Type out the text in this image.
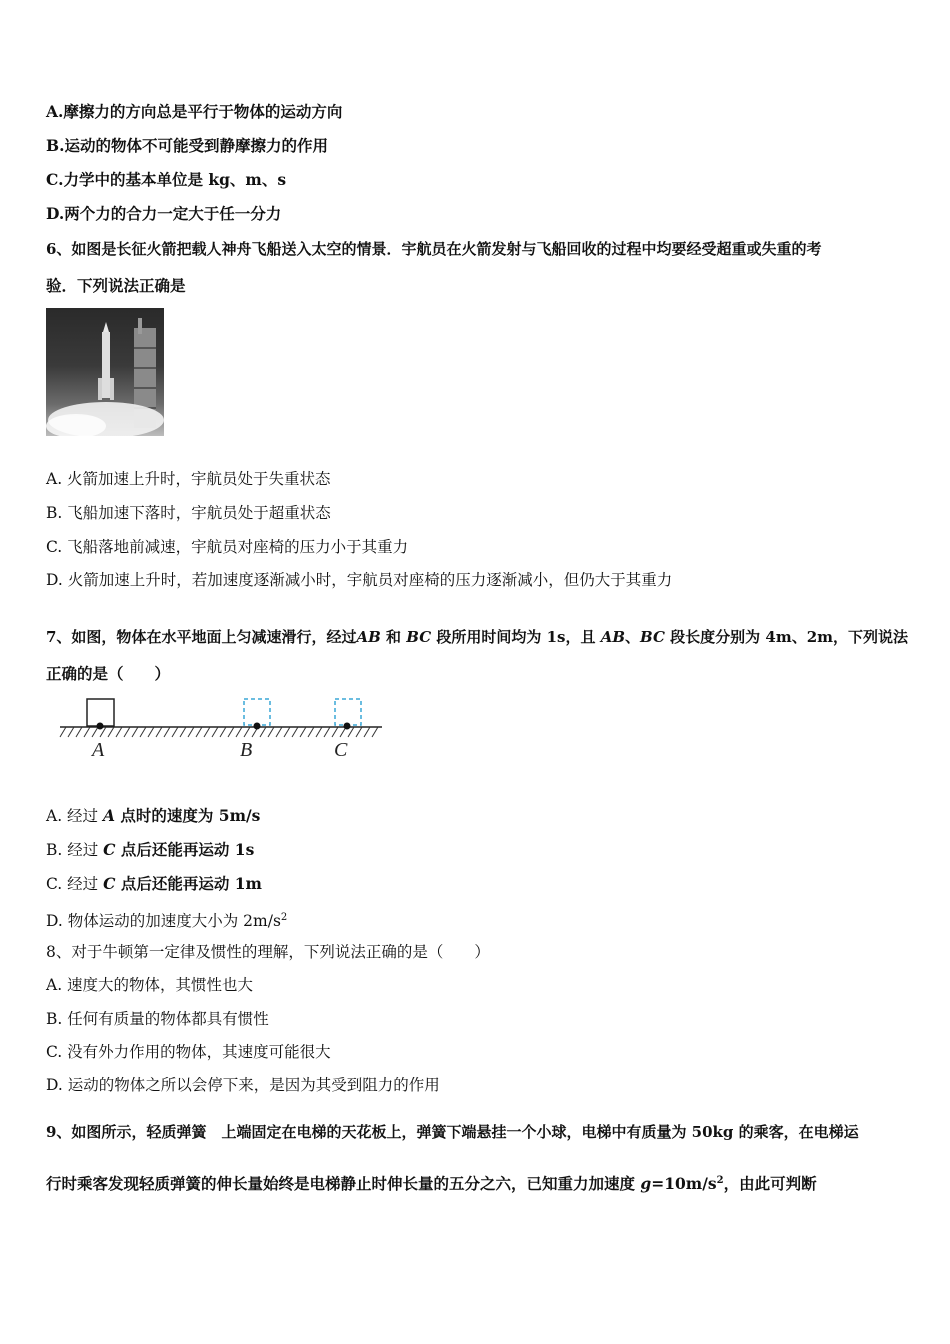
A.摩擦力的方向总是平行于物体的运动方向
B.运动的物体不可能受到静摩擦力的作用
C.力学中的基本单位是 kg、m、s
D.两个力的合力一定大于任一分力
6、如图是长征火箭把载人神舟飞船送入太空的情景．宇航员在火箭发射与飞船回收的过程中均要经受超重或失重的考
验．下列说法正确是
A. 火箭加速上升时，宇航员处于失重状态
B. 飞船加速下落时，宇航员处于超重状态
C. 飞船落地前减速，宇航员对座椅的压力小于其重力
D. 火箭加速上升时，若加速度逐渐减小时，宇航员对座椅的压力逐渐减小，但仍大于其重力
7、如图，物体在水平地面上匀减速滑行，经过AB 和 BC 段所用时间均为 1s，且 AB、BC 段长度分别为 4m、2m，下列说法
正确的是（　　）
A	B	C
A. 经过 A 点时的速度为 5m/s
B. 经过 C 点后还能再运动 1s
C. 经过 C 点后还能再运动 1m
D. 物体运动的加速度大小为 $2m/s^2$
8、对于牛顿第一定律及惯性的理解，下列说法正确的是（　　）
A. 速度大的物体，其惯性也大
B. 任何有质量的物体都具有惯性
C. 没有外力作用的物体，其速度可能很大
D. 运动的物体之所以会停下来，是因为其受到阻力的作用
9、如图所示，轻质弹簧　上端固定在电梯的天花板上，弹簧下端悬挂一个小球，电梯中有质量为 50kg 的乘客，在电梯运
行时乘客发现轻质弹簧的伸长量始终是电梯静止时伸长量的五分之六，已知重力加速度 $g=10m/s^2$，由此可判断
